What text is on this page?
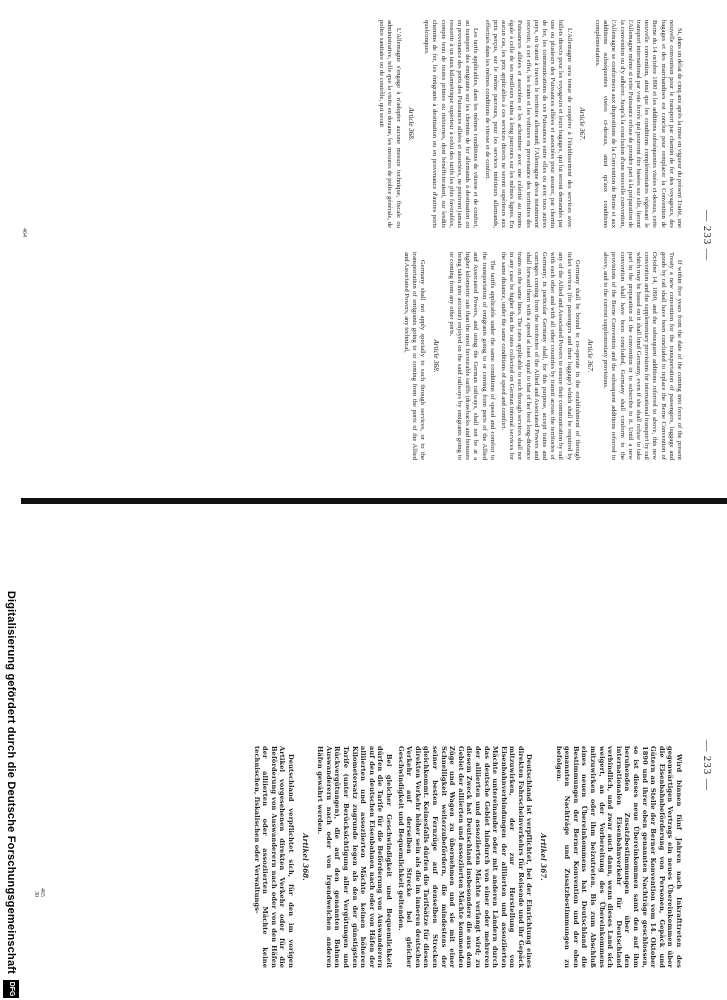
— 233 —

Si, dans un délai de cinq ans après la mise en vigueur du présent Traité, une nouvelle convention pour le transport par chemin de fer des voyageurs, des bagages et des marchandises est conclue pour remplacer la Convention de Berne du 14 octobre 1890 et les additions subséquentes visées ci-dessus, cette nouvelle convention, ainsi que les conditions complémentaires régissant le transport international par voie ferrée qui pourront être basées sur elle, lieront l'Allemagne même si cette Puissance refuse de prendre part à la préparation de la convention ou d'y adhérer. Jusqu'à la conclusion d'une nouvelle convention, l'Allemagne se conformera aux dispositions de la Convention de Berne et aux additions subséquentes visées ci-dessus, ainsi qu'aux conditions complémentaires.

Article 367.

L'Allemagne sera tenue de coopérer à l'établissement des services avec billets directs pour les voyageurs et leurs bagages, qui lui seront demandés par une ou plusieurs des Puissances alliées et associées pour assurer, par chemin de fer, les communications de ces Puissances entre elles ou avec tous autres pays, en transit à travers le territoire allemand; l'Allemagne devra notamment recevoir, à cet effet, les trains et les voitures en provenance des territoires des Puissances alliées et associées et les acheminer avec une célérité au moins égale à celle de ses meilleurs trains à long parcours sur les mêmes lignes. En aucun cas, les prix applicables à ces services directs ne seront supérieurs aux prix perçus, sur le même parcours, pour les services intérieurs allemands, effectués dans les mêmes conditions de vitesse et de confort.

Les tarifs applicables, dans les mêmes conditions de vitesse et de confort, au transport des émigrants sur les chemins de fer allemands à destination ou en provenance des ports des Puissances alliées et associées, ne pourront jamais ressortir à un taux kilométrique supérieur à celui des tarifs les plus favorables, compte tenu de toutes primes ou ristournes, dont bénéficieraient, sur lesdits chemins de fer, les émigrants à destination ou en provenance d'autres ports quelconques.

Article 368.

L'Allemagne s'engage à n'adopter aucune mesure technique, fiscale ou administrative, telle que la visite en douane, les mesures de police générale, de police sanitaire ou de contrôle, qui serait

If within five years from the date of the coming into force of the present Treaty a new convention for the transportation of passengers, luggage and goods by rail shall have been concluded to replace the Berne Convention of October 14, 1890, and the subsequent additions referred to above, this new convention and the supplementary provisions for international transport by rail which may be based on it shall bind Germany, even if she shall refuse to take part in the preparation of the convention or to subscribe to it. Until a new convention shall have been concluded, Germany shall conform to the provisions of the Berne Convention and the subsequent additions referred to above, and to the current supplementary provisions.

Article 367.

Germany shall be bound to co-operate in the establishment of through ticket services (for passengers and their luggage) which shall be required by any of the Allied and Associated Powers to ensure their communication by rail with each other and with all other countries by transit across the territories of Germany; in particular Germany shall, for this purpose, accept trains and carriages coming from the territories of the Allied and Associated Powers and shall forward them with a speed at least equal to that of her best long-distance trains on the same lines. The rates applicable to such through services shall not in any case be higher than the rates collected on German internal services for the same distance, under the same conditions of speed and comfort.

The tariffs applicable under the same conditions of speed and comfort to the transportation of emigrants going to or coming from ports of the Allied and Associated Powers, and using the German railways, shall not be at a higher kilometric rate than the most favourable tariffs (drawbacks and bonuses being taken into account) enjoyed on the said railways by emigrants going to or coming from any other ports.

Article 368.

Germany shall not apply specially to such through services, or to the transportation of emigrants going to or coming from the ports of the Allied and Associated Powers, any technical,

464
— 233 —

Wird binnen fünf Jahren nach Inkrafttreten des gegenwärtigen Vertrags ein neues Übereinkommen über die Eisenbahnbeförderung von Personen, Gepäck und Gütern an Stelle der Berner Konvention vom 14. Oktober 1890 und ihrer oben genannten Nachträge geschlossen, so ist dieses neue Übereinkommen samt den auf ihm beruhenden Zusatzbestimmungen über den internationalen Eisenbahnverkehr für Deutschland verbindlich, und zwar auch dann, wenn dieses Land sich weigert, an der Vorbereitung des Übereinkommens mitzuwirken oder ihm beizutreten. Bis zum Abschluß eines neuen Übereinkommens hat Deutschland die Bestimmungen der Berner Konvention und der oben genannten Nachträge und Zusatzbestimmungen zu befolgen.

Artikel 367.

Deutschland ist verpflichtet, bei der Einrichtung eines direkten Fahrscheinverkehrs für Reisende und ihr Gepäck mitzuwirken, der zur Herstellung von Eisenbahnverbindungen der alliierten und assoziierten Mächte untereinander oder mit anderen Ländern durch das deutsche Gebiet hindurch von einer oder mehreren der alliierten und assoziierten Mächte verlangt wird; zu diesem Zweck hat Deutschland insbesondere die aus dem Gebiet der alliierten und assoziierten Mächte kommenden Züge und Wagen zu übernehmen und sie mit einer Schnelligkeit weiterzubefördern, die mindestens der seiner besten Fernzüge auf denselben Strecken gleichkommt. Keinesfalls dürfen die Tarifsätze für diesen direkten Verkehr höher sein als die im inneren deutschen Verkehr auf derselben Strecke bei gleicher Geschwindigkeit und Bequemlichkeit geltenden.

Bei gleicher Geschwindigkeit und Bequemlichkeit dürfen die Tarife für die Beförderung von Auswanderern auf den deutschen Eisenbahnen nach oder von Häfen der alliierten und assoziierten Mächte keinen höheren Kilometersatz zugrunde legen als den der günstigsten Tarife (unter Berücksichtigung aller Vergütungen und Rückvergütungen), die auf den genannten Bahnen Auswanderern nach oder von irgendwelchen anderen Häfen gewährt werden.

Artikel 368.

Deutschland verpflichtet sich, für den im vorigen Artikel vorgesehenen direkten Verkehr oder für die Beförderung von Auswanderern nach oder von den Häfen der alliierten oder assoziierten Mächte keine technischen, fiskalischen oder Verwaltungs-

465
30
Digitalisierung gefördert durch die Deutsche Forschungsgemeinschaft
DFG
